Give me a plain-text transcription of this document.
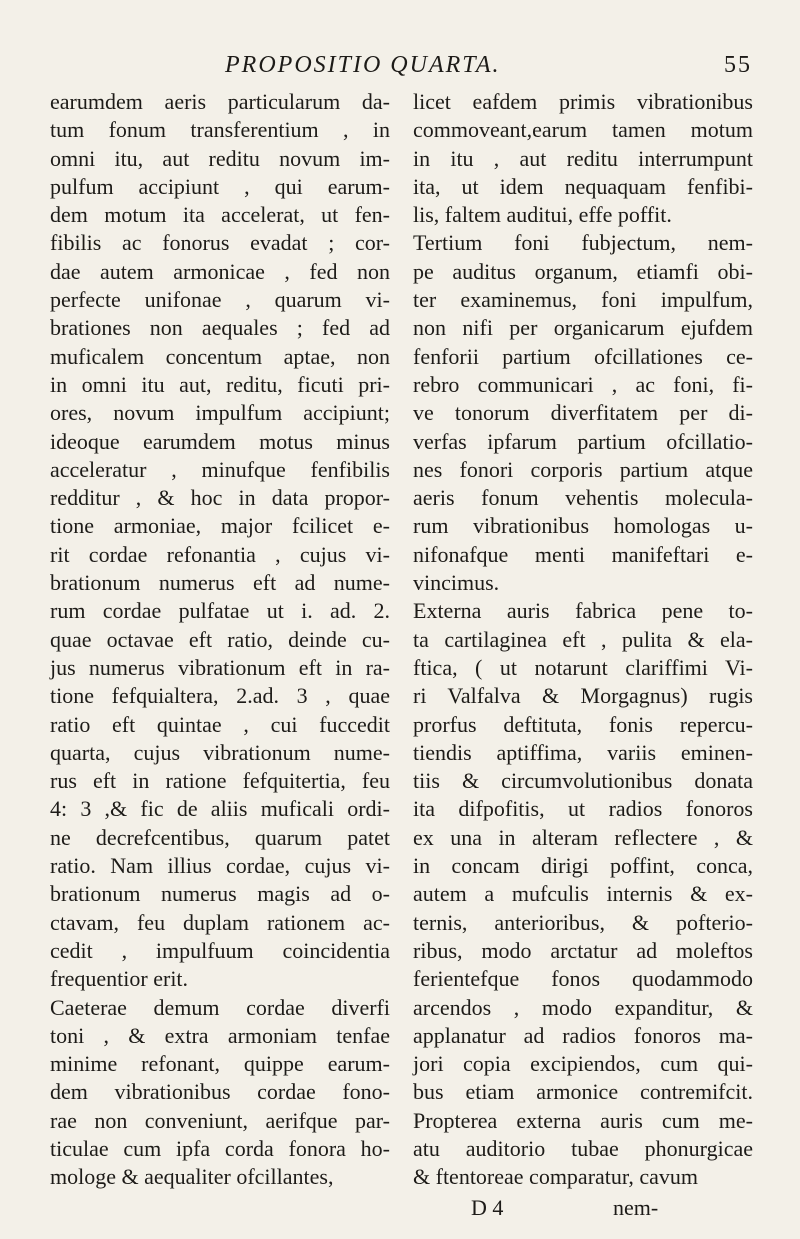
PROPOSITIO QUARTA.	55
earumdem aeris particularum da-
tum fonum transferentium , in
omni itu, aut reditu novum im-
pulfum accipiunt , qui earum-
dem motum ita accelerat, ut fen-
fibilis ac fonorus evadat ; cor-
dae autem armonicae , fed non
perfecte unifonae , quarum vi-
brationes non aequales ; fed ad
muficalem concentum aptae, non
in omni itu aut, reditu, ficuti pri-
ores, novum impulfum accipiunt;
ideoque earumdem motus minus
acceleratur , minufque fenfibilis
redditur , & hoc in data propor-
tione armoniae, major fcilicet e-
rit cordae refonantia , cujus vi-
brationum numerus eft ad nume-
rum cordae pulfatae ut i. ad. 2.
quae octavae eft ratio, deinde cu-
jus numerus vibrationum eft in ra-
tione fefquialtera, 2.ad. 3 , quae
ratio eft quintae , cui fuccedit
quarta, cujus vibrationum nume-
rus eft in ratione fefquitertia, feu
4: 3 ,& fic de aliis muficali ordi-
ne decrefcentibus, quarum patet
ratio. Nam illius cordae, cujus vi-
brationum numerus magis ad o-
ctavam, feu duplam rationem ac-
cedit , impulfuum coincidentia
frequentior erit.
Caeterae demum cordae diverfi
toni , & extra armoniam tenfae
minime refonant, quippe earum-
dem vibrationibus cordae fono-
rae non conveniunt, aerifque par-
ticulae cum ipfa corda fonora ho-
mologe & aequaliter ofcillantes,
licet eafdem primis vibrationibus
commoveant,earum tamen motum
in itu , aut reditu interrumpunt
ita, ut idem nequaquam fenfibi-
lis, faltem auditui, effe poffit.
Tertium foni fubjectum, nem-
pe auditus organum, etiamfi obi-
ter examinemus, foni impulfum,
non nifi per organicarum ejufdem
fenforii partium ofcillationes ce-
rebro communicari , ac foni, fi-
ve tonorum diverfitatem per di-
verfas ipfarum partium ofcillatio-
nes fonori corporis partium atque
aeris fonum vehentis molecula-
rum vibrationibus homologas u-
nifonafque menti manifeftari e-
vincimus.
Externa auris fabrica pene to-
ta cartilaginea eft , pulita & ela-
ftica, ( ut notarunt clariffimi Vi-
ri Valfalva & Morgagnus) rugis
prorfus deftituta, fonis repercu-
tiendis aptiffima, variis eminen-
tiis & circumvolutionibus donata
ita difpofitis, ut radios fonoros
ex una in alteram reflectere , &
in concam dirigi poffint, conca,
autem a mufculis internis & ex-
ternis, anterioribus, & pofterio-
ribus, modo arctatur ad moleftos
ferientefque fonos quodammodo
arcendos , modo expanditur, &
applanatur ad radios fonoros ma-
jori copia excipiendos, cum qui-
bus etiam armonice contremifcit.
Propterea externa auris cum me-
atu auditorio tubae phonurgicae
& ftentoreae comparatur, cavum
D 4	nem-
